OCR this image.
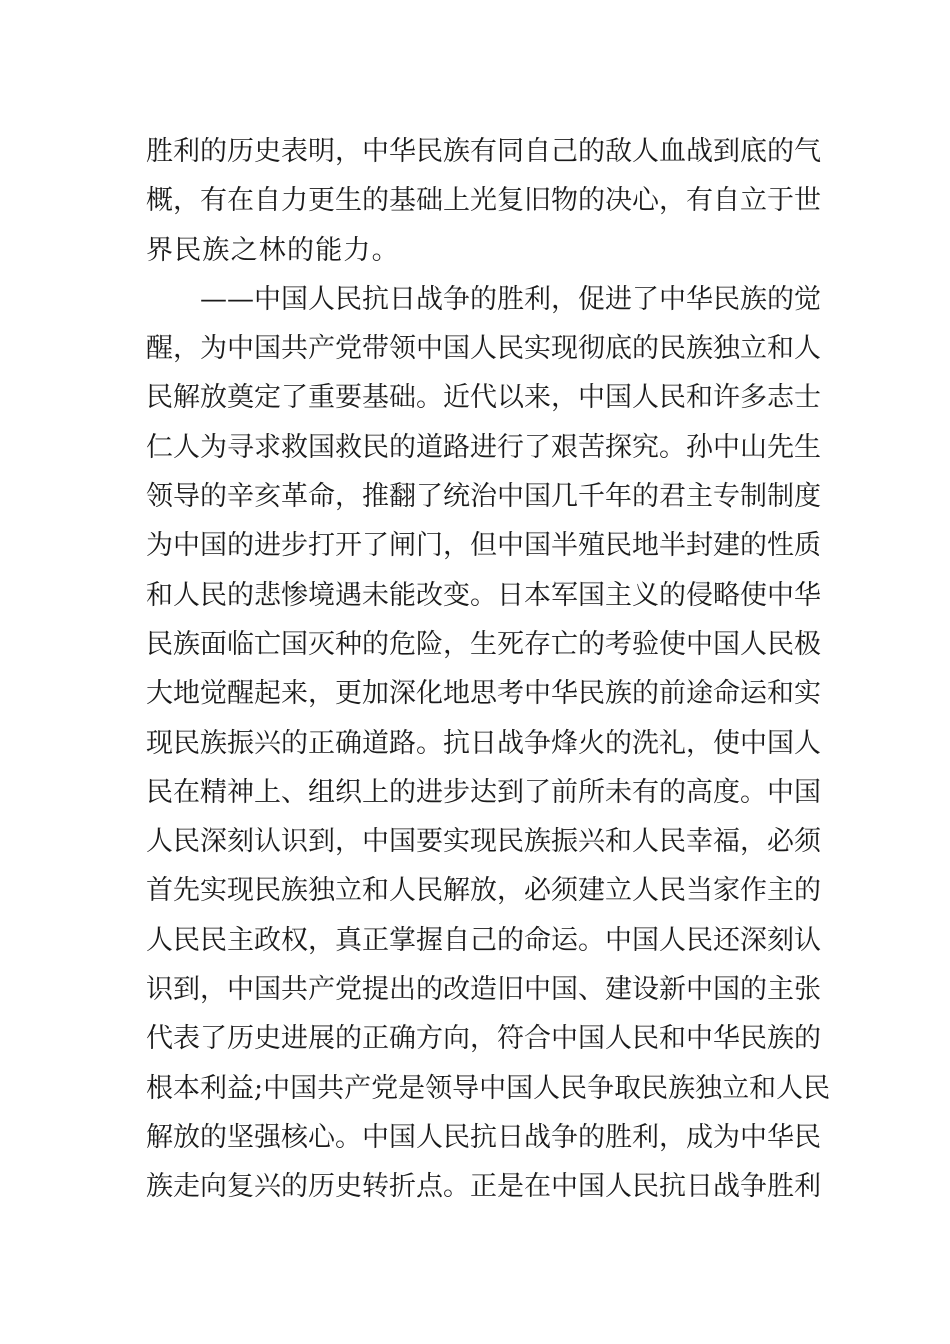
胜利的历史表明，中华民族有同自己的敌人血战到底的气
概，有在自力更生的基础上光复旧物的决心，有自立于世
界民族之林的能力。
　　——中国人民抗日战争的胜利，促进了中华民族的觉
醒，为中国共产党带领中国人民实现彻底的民族独立和人
民解放奠定了重要基础。近代以来，中国人民和许多志士
仁人为寻求救国救民的道路进行了艰苦探究。孙中山先生
领导的辛亥革命，推翻了统治中国几千年的君主专制制度
为中国的进步打开了闸门，但中国半殖民地半封建的性质
和人民的悲惨境遇未能改变。日本军国主义的侵略使中华
民族面临亡国灭种的危险，生死存亡的考验使中国人民极
大地觉醒起来，更加深化地思考中华民族的前途命运和实
现民族振兴的正确道路。抗日战争烽火的洗礼，使中国人
民在精神上、组织上的进步达到了前所未有的高度。中国
人民深刻认识到，中国要实现民族振兴和人民幸福，必须
首先实现民族独立和人民解放，必须建立人民当家作主的
人民民主政权，真正掌握自己的命运。中国人民还深刻认
识到，中国共产党提出的改造旧中国、建设新中国的主张
代表了历史进展的正确方向，符合中国人民和中华民族的
根本利益;中国共产党是领导中国人民争取民族独立和人民
解放的坚强核心。中国人民抗日战争的胜利，成为中华民
族走向复兴的历史转折点。正是在中国人民抗日战争胜利
